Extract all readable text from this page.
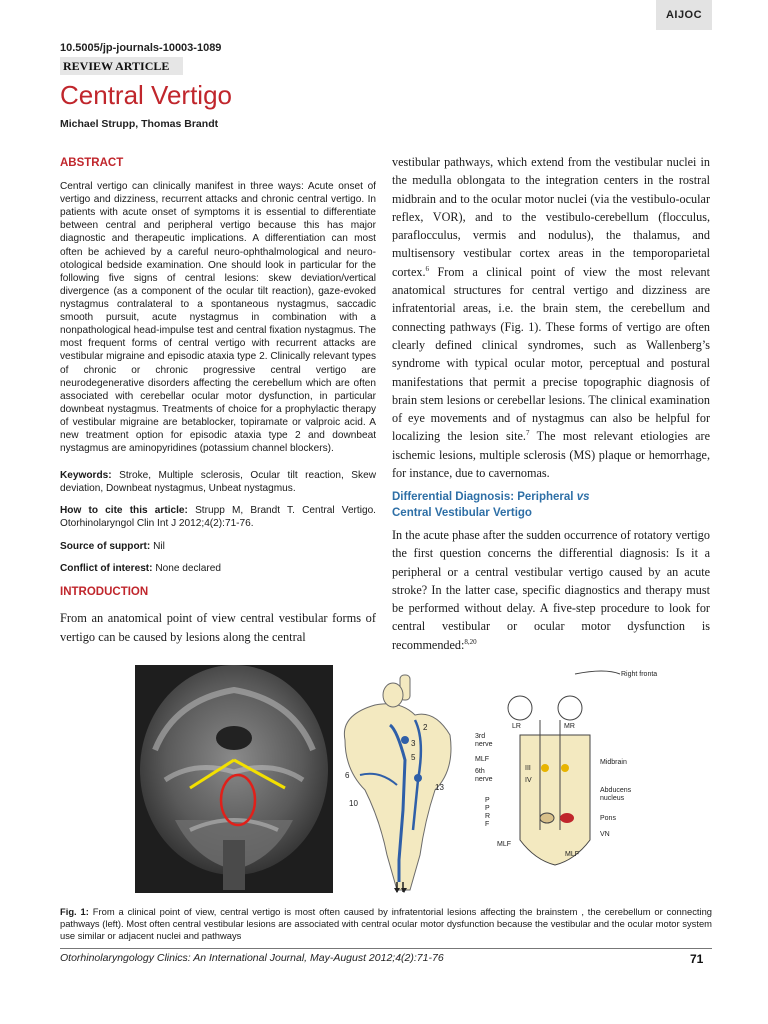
AIJOC
10.5005/jp-journals-10003-1089
REVIEW ARTICLE
Central Vertigo
Michael Strupp, Thomas Brandt
ABSTRACT
Central vertigo can clinically manifest in three ways: Acute onset of vertigo and dizziness, recurrent attacks and chronic central vertigo. In patients with acute onset of symptoms it is essential to differentiate between central and peripheral vertigo because this has major diagnostic and therapeutic implications. A differentiation can most often be achieved by a careful neuro-ophthalmological and neuro-otological bedside examination. One should look in particular for the following five signs of central lesions: skew deviation/vertical divergence (as a component of the ocular tilt reaction), gaze-evoked nystagmus contralateral to a spontaneous nystagmus, saccadic smooth pursuit, acute nystagmus in combination with a nonpathological head-impulse test and central fixation nystagmus. The most frequent forms of central vertigo with recurrent attacks are vestibular migraine and episodic ataxia type 2. Clinically relevant types of chronic or chronic progressive central vertigo are neurodegenerative disorders affecting the cerebellum which are often associated with cerebellar ocular motor dysfunction, in particular downbeat nystagmus. Treatments of choice for a prophylactic therapy of vestibular migraine are betablocker, topiramate or valproic acid. A new treatment option for episodic ataxia type 2 and downbeat nystagmus are aminopyridines (potassium channel blockers).
Keywords: Stroke, Multiple sclerosis, Ocular tilt reaction, Skew deviation, Downbeat nystagmus, Unbeat nystagmus.
How to cite this article: Strupp M, Brandt T. Central Vertigo. Otorhinolaryngol Clin Int J 2012;4(2):71-76.
Source of support: Nil
Conflict of interest: None declared
INTRODUCTION
From an anatomical point of view central vestibular forms of vertigo can be caused by lesions along the central
vestibular pathways, which extend from the vestibular nuclei in the medulla oblongata to the integration centers in the rostral midbrain and to the ocular motor nuclei (via the vestibulo-ocular reflex, VOR), and to the vestibulo-cerebellum (flocculus, paraflocculus, vermis and nodulus), the thalamus, and multisensory vestibular cortex areas in the temporoparietal cortex.$^6$ From a clinical point of view the most relevant anatomical structures for central vertigo and dizziness are infratentorial areas, i.e. the brain stem, the cerebellum and connecting pathways (Fig. 1). These forms of vertigo are often clearly defined clinical syndromes, such as Wallenberg’s syndrome with typical ocular motor, perceptual and postural manifestations that permit a precise topographic diagnosis of brain stem lesions or cerebellar lesions. The clinical examination of eye movements and of nystagmus can also be helpful for localizing the lesion site.$^7$ The most relevant etiologies are ischemic lesions, multiple sclerosis (MS) plaque or hemorrhage, for instance, due to cavernomas.
Differential Diagnosis: Peripheral vs
Central Vestibular Vertigo
In the acute phase after the sudden occurrence of rotatory vertigo the first question concerns the differential diagnosis: Is it a peripheral or a central vestibular vertigo caused by an acute stroke? In the latter case, specific diagnostics and therapy must be performed without delay. A five-step procedure to look for central vestibular or ocular motor dysfunction is recommended:$^{8,20}$
2
3
5
6
13
10
Right fronta
LR	MR
3rd
nerve
MLF
6th
nerve
III
IV
Midbrain
Abducens
nucleus
Pons
VN
P
P
R
F
MLF
MLF
Fig. 1: From a clinical point of view, central vertigo is most often caused by infratentorial lesions affecting the brainstem , the cerebellum or connecting pathways (left). Most often central vestibular lesions are associated with central ocular motor dysfunction because the vestibular and the ocular motor system use similar or adjacent nuclei and pathways
Otorhinolaryngology Clinics: An International Journal, May-August 2012;4(2):71-76	71
